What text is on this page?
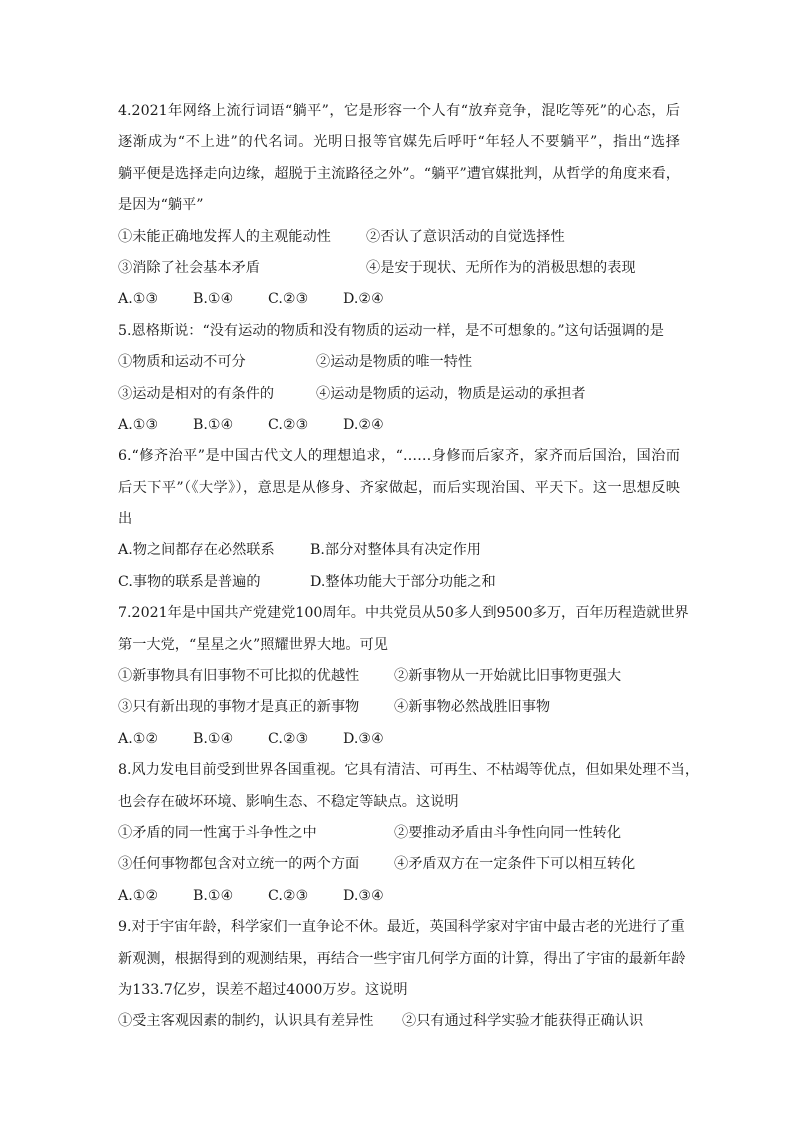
4.2021年网络上流行词语“躺平”，它是形容一个人有“放弃竞争，混吃等死”的心态，后
逐渐成为“不上进”的代名词。光明日报等官媒先后呼吁“年轻人不要躺平”，指出“选择
躺平便是选择走向边缘，超脱于主流路径之外”。“躺平”遭官媒批判，从哲学的角度来看，
是因为“躺平”
①未能正确地发挥人的主观能动性	②否认了意识活动的自觉选择性
③消除了社会基本矛盾	④是安于现状、无所作为的消极思想的表现
A.①③	B.①④	C.②③	D.②④
5.恩格斯说：“没有运动的物质和没有物质的运动一样，是不可想象的。”这句话强调的是
①物质和运动不可分	②运动是物质的唯一特性
③运动是相对的有条件的	④运动是物质的运动，物质是运动的承担者
A.①③	B.①④	C.②③	D.②④
6.“修齐治平”是中国古代文人的理想追求，“……身修而后家齐，家齐而后国治，国治而
后天下平”（《大学》），意思是从修身、齐家做起，而后实现治国、平天下。这一思想反映
出
A.物之间都存在必然联系	B.部分对整体具有决定作用
C.事物的联系是普遍的	D.整体功能大于部分功能之和
7.2021年是中国共产党建党100周年。中共党员从50多人到9500多万，百年历程造就世界
第一大党，“星星之火”照耀世界大地。可见
①新事物具有旧事物不可比拟的优越性	②新事物从一开始就比旧事物更强大
③只有新出现的事物才是真正的新事物	④新事物必然战胜旧事物
A.①②	B.①④	C.②③	D.③④
8.风力发电目前受到世界各国重视。它具有清洁、可再生、不枯竭等优点，但如果处理不当，
也会存在破坏环境、影响生态、不稳定等缺点。这说明
①矛盾的同一性寓于斗争性之中	②要推动矛盾由斗争性向同一性转化
③任何事物都包含对立统一的两个方面	④矛盾双方在一定条件下可以相互转化
A.①②	B.①④	C.②③	D.③④
9.对于宇宙年龄，科学家们一直争论不休。最近，英国科学家对宇宙中最古老的光进行了重
新观测，根据得到的观测结果，再结合一些宇宙几何学方面的计算，得出了宇宙的最新年龄
为133.7亿岁，误差不超过4000万岁。这说明
①受主客观因素的制约，认识具有差异性	②只有通过科学实验才能获得正确认识
